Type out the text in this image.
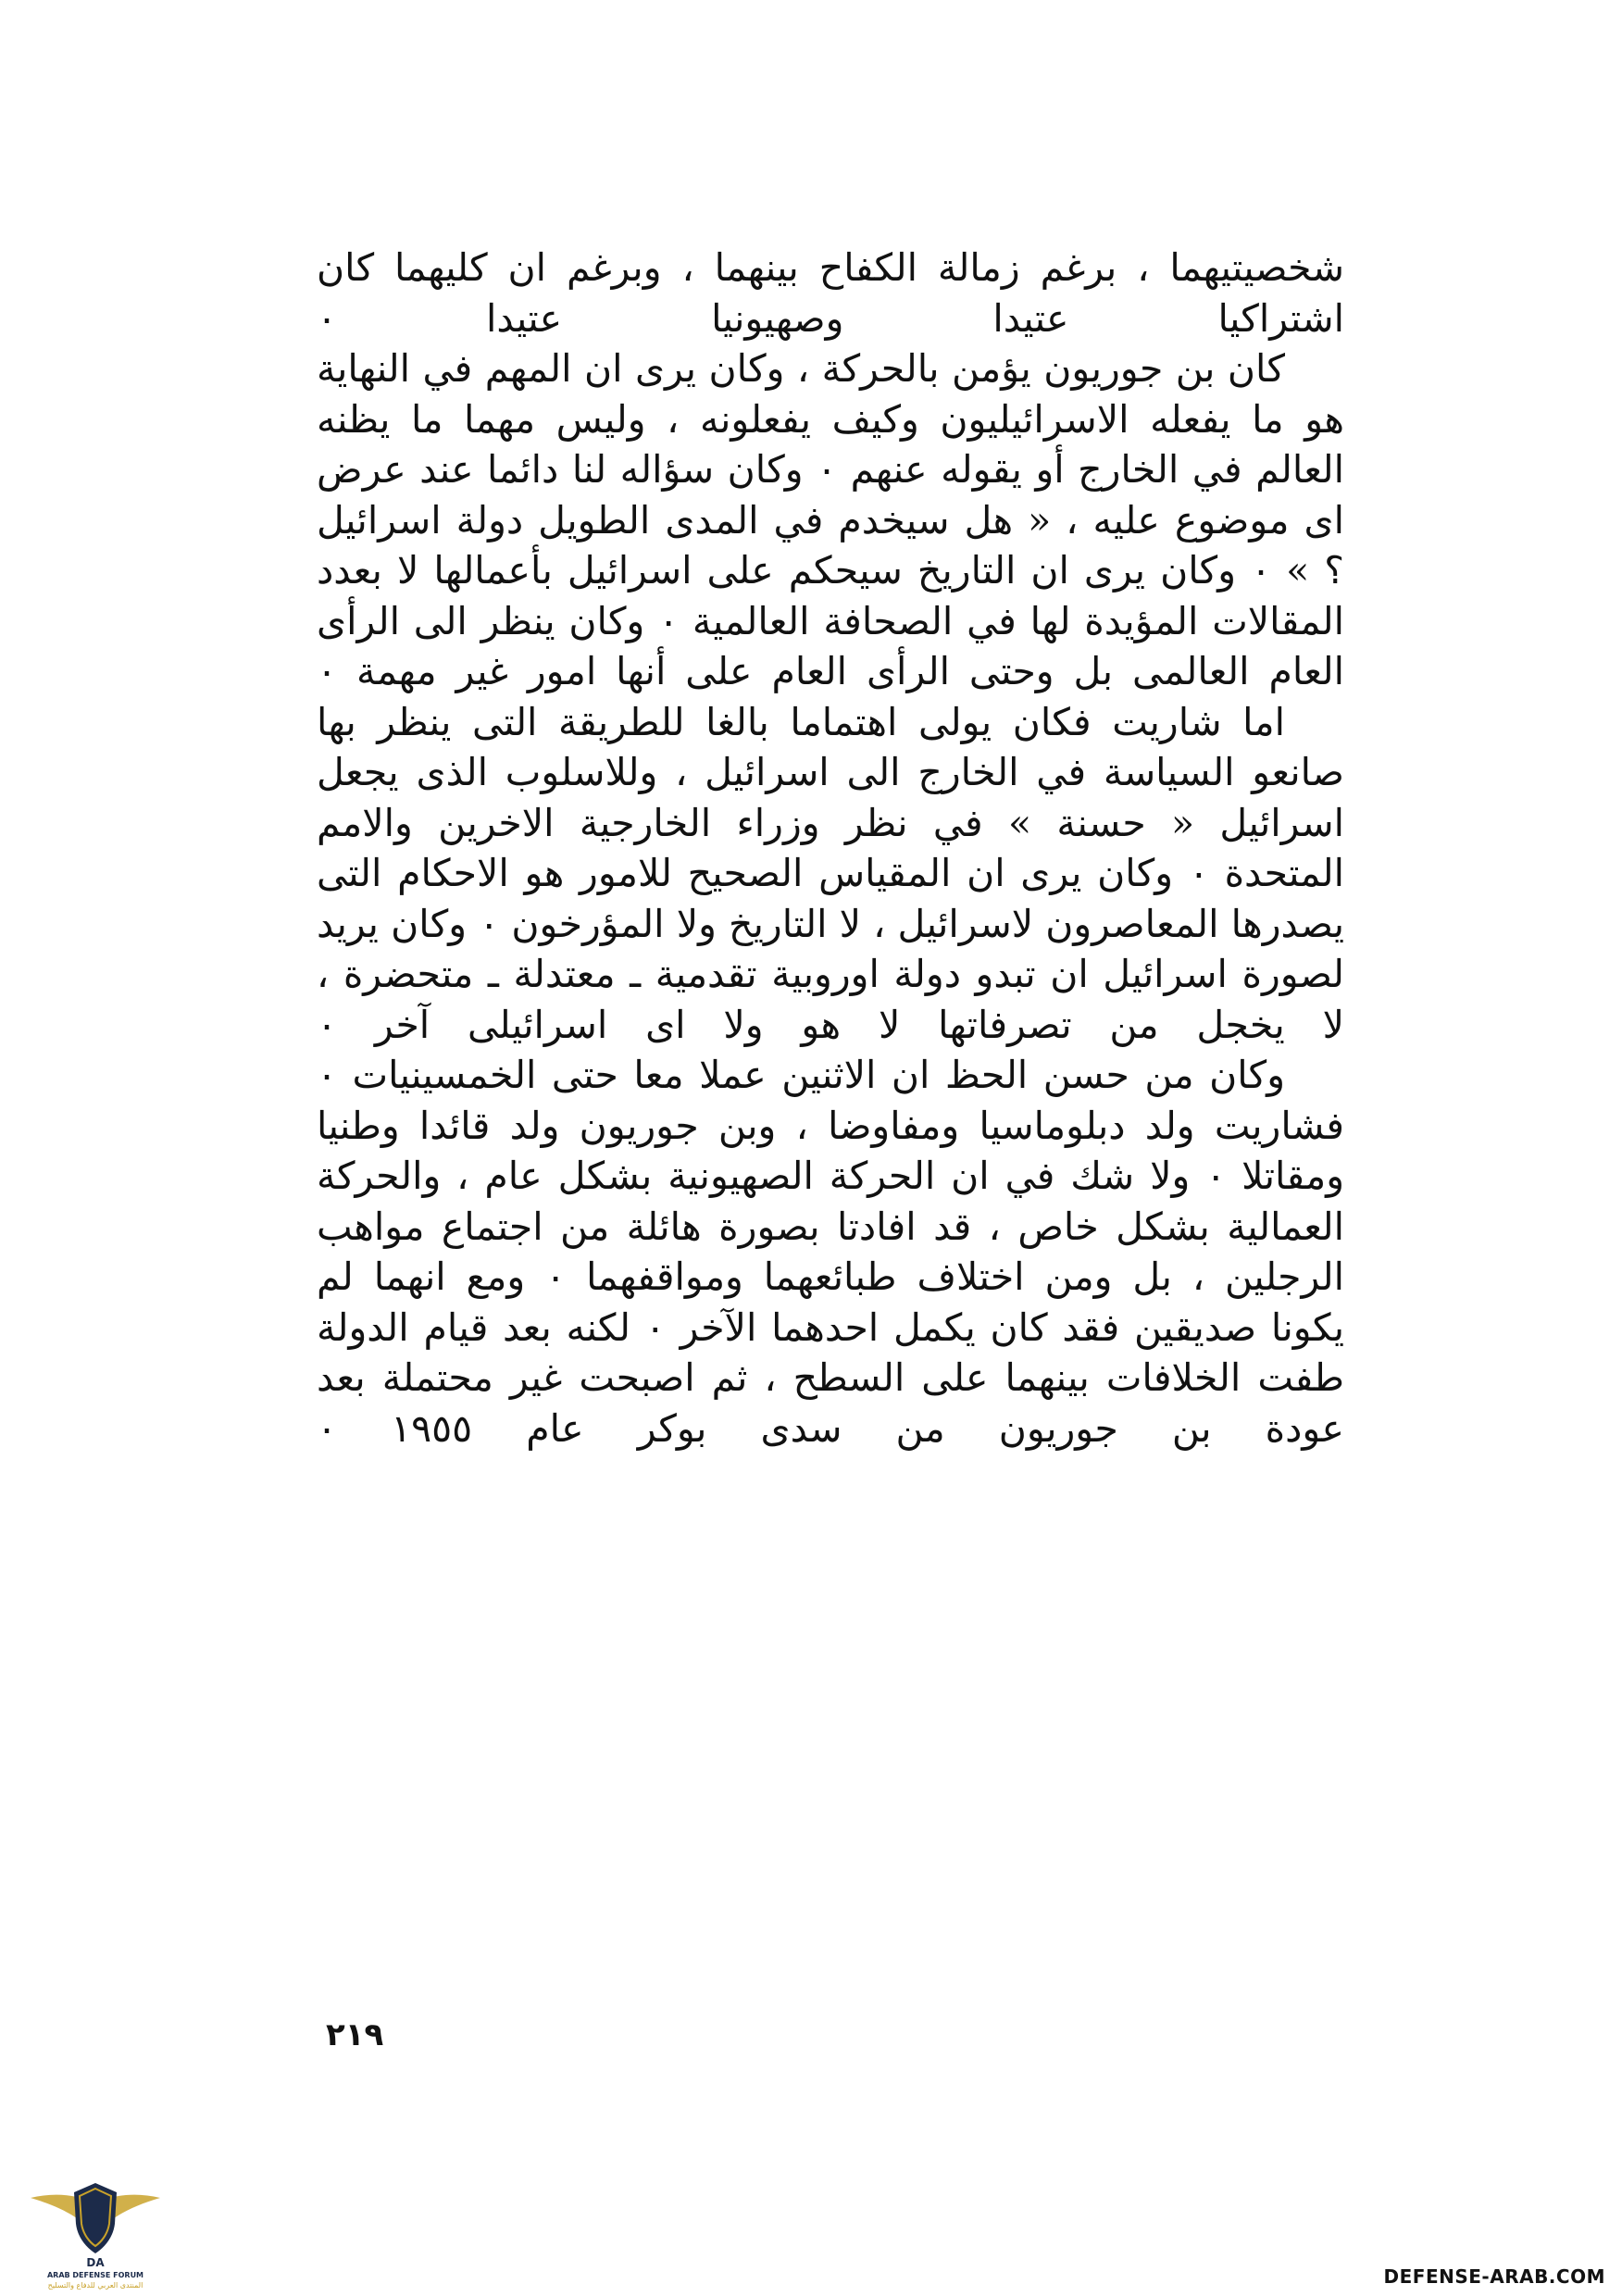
شخصيتيهما ، برغم زمالة الكفاح بينهما ، وبرغم ان كليهما كان اشتراكيا عتيدا وصهيونيا عتيدا ٠

كان بن جوريون يؤمن بالحركة ، وكان يرى ان المهم في النهاية هو ما يفعله الاسرائيليون وكيف يفعلونه ، وليس مهما ما يظنه العالم في الخارج أو يقوله عنهم ٠ وكان سؤاله لنا دائما عند عرض اى موضوع عليه ، « هل سيخدم في المدى الطويل دولة اسرائيل ؟ » ٠ وكان يرى ان التاريخ سيحكم على اسرائيل بأعمالها لا بعدد المقالات المؤيدة لها في الصحافة العالمية ٠ وكان ينظر الى الرأى العام العالمى بل وحتى الرأى العام على أنها امور غير مهمة ٠

اما شاريت فكان يولى اهتماما بالغا للطريقة التى ينظر بها صانعو السياسة في الخارج الى اسرائيل ، وللاسلوب الذى يجعل اسرائيل « حسنة » في نظر وزراء الخارجية الاخرين والامم المتحدة ٠ وكان يرى ان المقياس الصحيح للامور هو الاحكام التى يصدرها المعاصرون لاسرائيل ، لا التاريخ ولا المؤرخون ٠ وكان يريد لصورة اسرائيل ان تبدو دولة اوروبية تقدمية ـ معتدلة ـ متحضرة ، لا يخجل من تصرفاتها لا هو ولا اى اسرائيلى آخر ٠

وكان من حسن الحظ ان الاثنين عملا معا حتى الخمسينيات ٠ فشاريت ولد دبلوماسيا ومفاوضا ، وبن جوريون ولد قائدا وطنيا ومقاتلا ٠ ولا شك في ان الحركة الصهيونية بشكل عام ، والحركة العمالية بشكل خاص ، قد افادتا بصورة هائلة من اجتماع مواهب الرجلين ، بل ومن اختلاف طبائعهما ومواقفهما ٠ ومع انهما لم يكونا صديقين فقد كان يكمل احدهما الآخر ٠ لكنه بعد قيام الدولة طفت الخلافات بينهما على السطح ، ثم اصبحت غير محتملة بعد عودة بن جوريون من سدى بوكر عام ١٩٥٥ ٠

٢١٩
DA
ARAB DEFENSE FORUM
المنتدى العربي للدفاع والتسليح	DEFENSE-ARAB.COM
